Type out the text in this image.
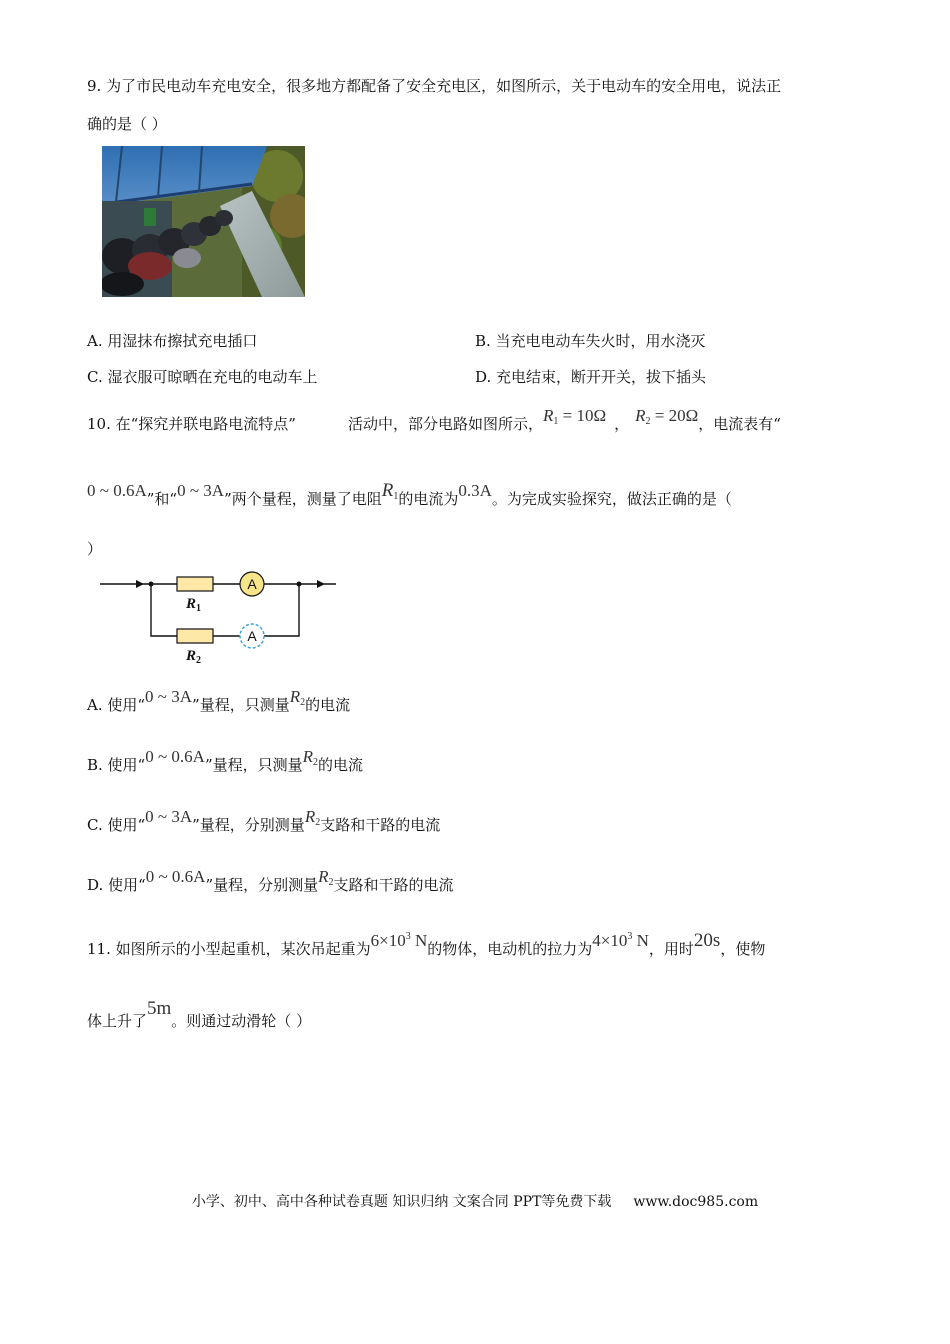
9. 为了市民电动车充电安全，很多地方都配备了安全充电区，如图所示，关于电动车的安全用电，说法正
确的是（ ）
A. 用湿抹布擦拭充电插口	B. 当充电电动车失火时，用水浇灭
C. 湿衣服可晾晒在充电的电动车上	D. 充电结束，断开开关，拔下插头
10. 在“探究并联电路电流特点”	活动中，部分电路如图所示，$R_1 = 10\Omega$ ， $R_2 = 20\Omega$，电流表有“
0 ~ 0.6A”和“0 ~ 3A”两个量程，测量了电阻$R_1$的电流为0.3A。为完成实验探究，做法正确的是（
）
A
A
$R_1$
$R_2$
A. 使用“0 ~ 3A”量程，只测量$R_2$的电流
B. 使用“0 ~ 0.6A”量程，只测量$R_2$的电流
C. 使用“0 ~ 3A”量程，分别测量$R_2$支路和干路的电流
D. 使用“0 ~ 0.6A”量程，分别测量$R_2$支路和干路的电流
11. 如图所示的小型起重机，某次吊起重为$6\times 10^3$ N的物体，电动机的拉力为$4\times 10^3$ N，用时20s，使物
体上升了5m。则通过动滑轮（ ）
小学、初中、高中各种试卷真题 知识归纳 文案合同 PPT等免费下载 www.doc985.com
